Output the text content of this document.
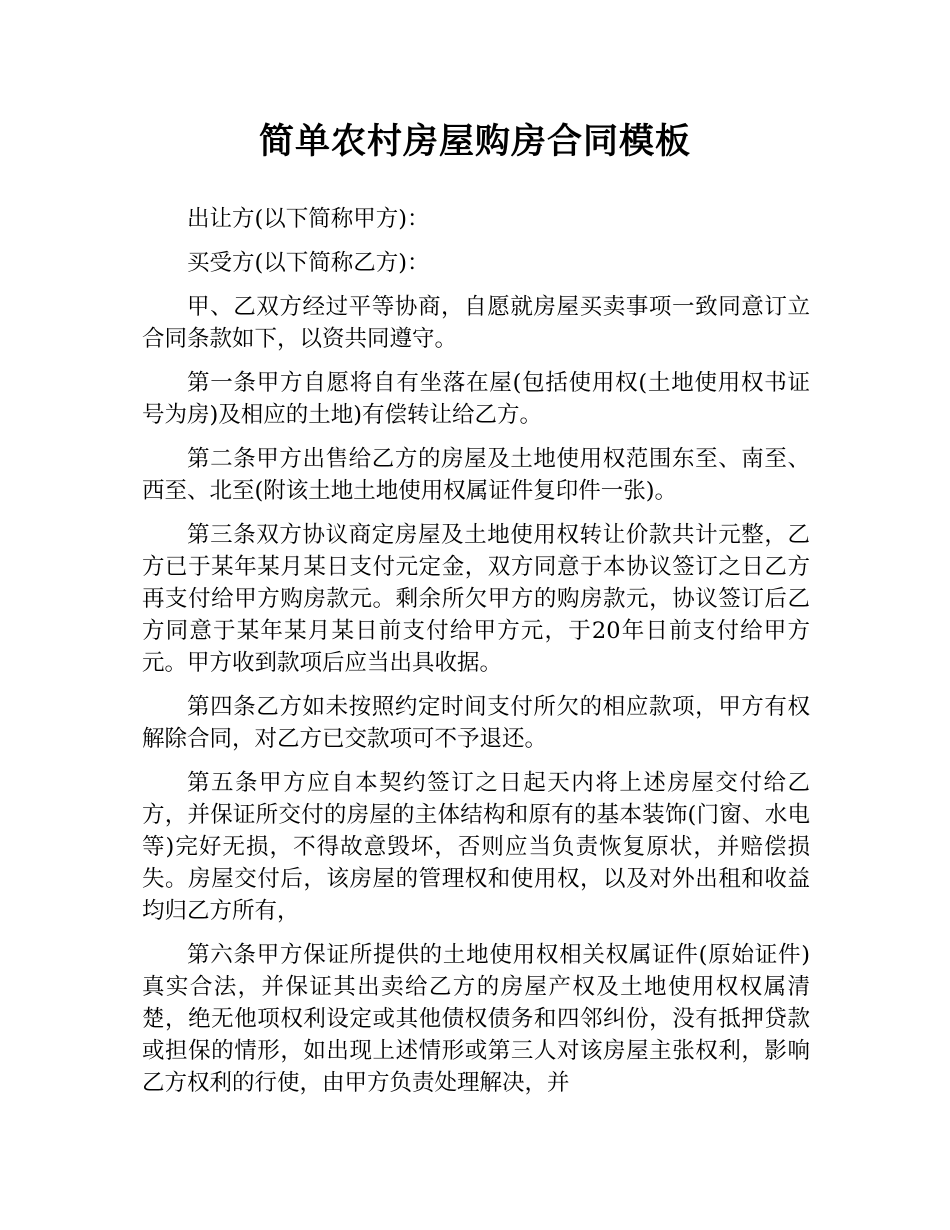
简单农村房屋购房合同模板

出让方(以下简称甲方)：

买受方(以下简称乙方)：

甲、乙双方经过平等协商，自愿就房屋买卖事项一致同意订立合同条款如下，以资共同遵守。

第一条甲方自愿将自有坐落在屋(包括使用权(土地使用权书证号为房)及相应的土地)有偿转让给乙方。

第二条甲方出售给乙方的房屋及土地使用权范围东至、南至、西至、北至(附该土地土地使用权属证件复印件一张)。

第三条双方协议商定房屋及土地使用权转让价款共计元整，乙方已于某年某月某日支付元定金，双方同意于本协议签订之日乙方再支付给甲方购房款元。剩余所欠甲方的购房款元，协议签订后乙方同意于某年某月某日前支付给甲方元，于20年日前支付给甲方元。甲方收到款项后应当出具收据。

第四条乙方如未按照约定时间支付所欠的相应款项，甲方有权解除合同，对乙方已交款项可不予退还。

第五条甲方应自本契约签订之日起天内将上述房屋交付给乙方，并保证所交付的房屋的主体结构和原有的基本装饰(门窗、水电等)完好无损，不得故意毁坏，否则应当负责恢复原状，并赔偿损失。房屋交付后，该房屋的管理权和使用权，以及对外出租和收益均归乙方所有，

第六条甲方保证所提供的土地使用权相关权属证件(原始证件)真实合法，并保证其出卖给乙方的房屋产权及土地使用权权属清楚，绝无他项权利设定或其他债权债务和四邻纠份，没有抵押贷款或担保的情形，如出现上述情形或第三人对该房屋主张权利，影响乙方权利的行使，由甲方负责处理解决，并
